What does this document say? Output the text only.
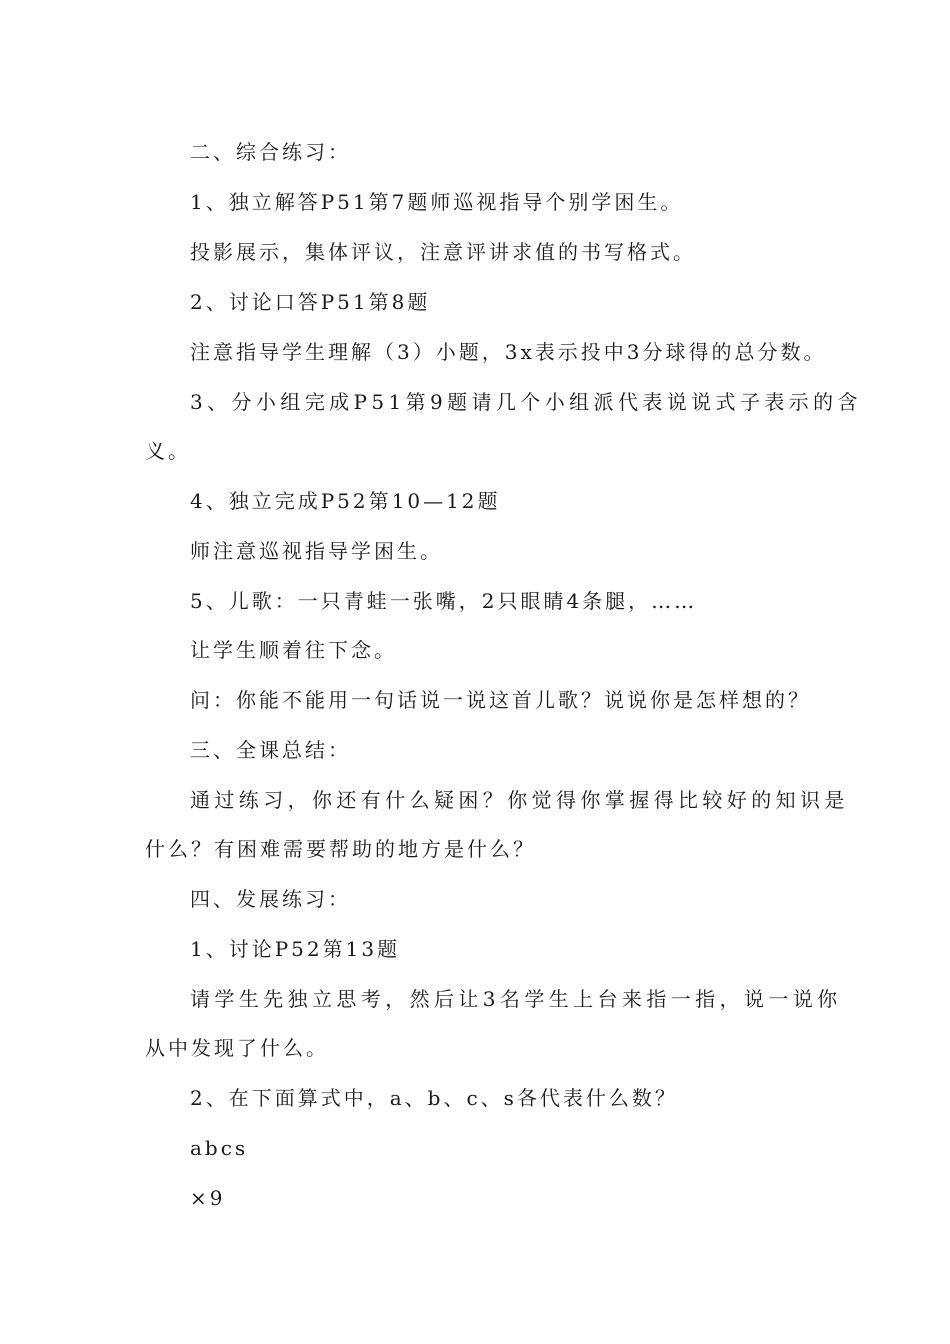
二、综合练习：
1、独立解答P51第7题师巡视指导个别学困生。
投影展示，集体评议，注意评讲求值的书写格式。
2、讨论口答P51第8题
注意指导学生理解（3）小题，3x表示投中3分球得的总分数。
3、分小组完成P51第9题请几个小组派代表说说式子表示的含
义。
4、独立完成P52第10—12题
师注意巡视指导学困生。
5、儿歌：一只青蛙一张嘴，2只眼睛4条腿，……
让学生顺着往下念。
问：你能不能用一句话说一说这首儿歌？说说你是怎样想的？
三、全课总结：
通过练习，你还有什么疑困？你觉得你掌握得比较好的知识是
什么？有困难需要帮助的地方是什么？
四、发展练习：
1、讨论P52第13题
请学生先独立思考，然后让3名学生上台来指一指，说一说你
从中发现了什么。
2、在下面算式中，a、b、c、s各代表什么数？
abcs
×9
